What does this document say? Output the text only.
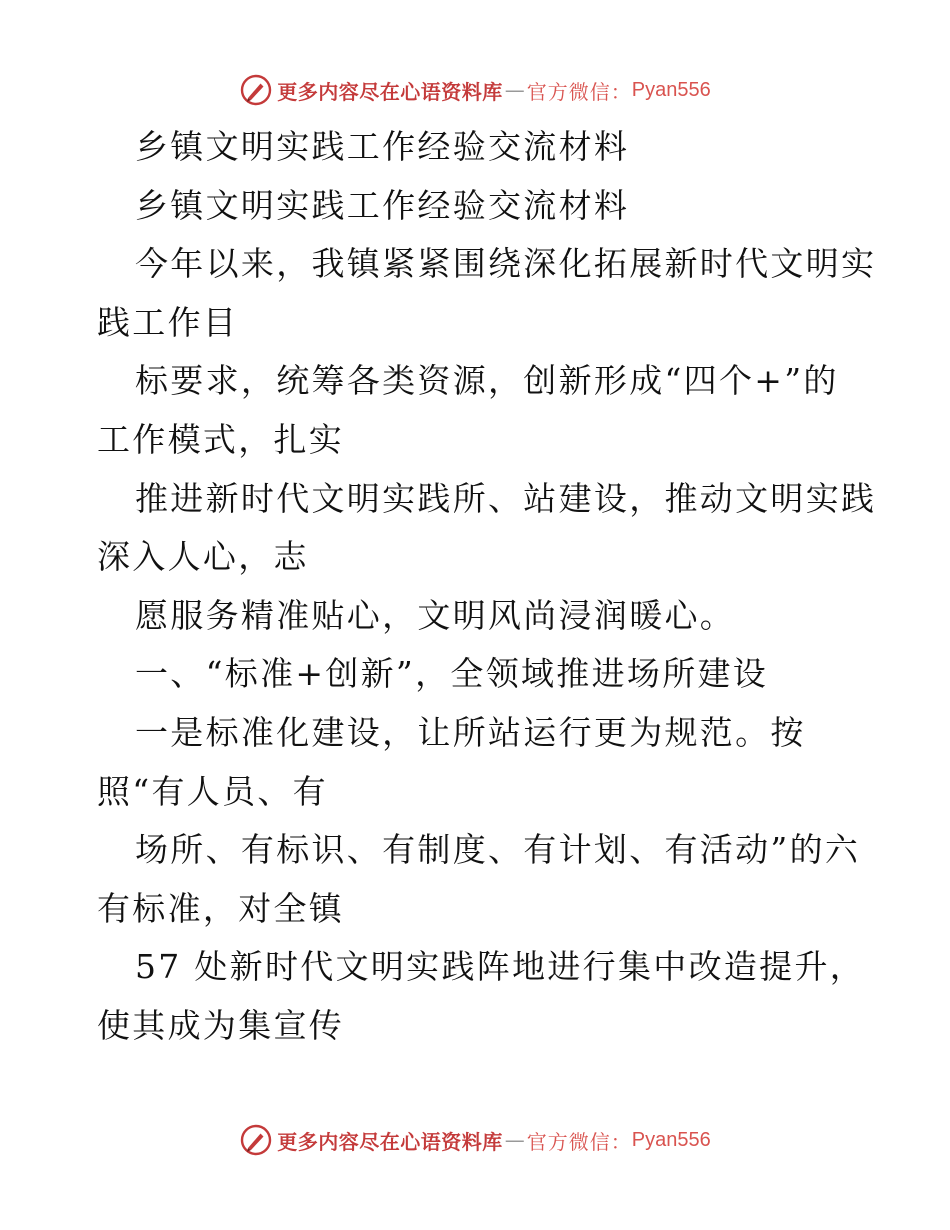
更多内容尽在心语资料库 — 官方微信： Pyan556
乡镇文明实践工作经验交流材料
乡镇文明实践工作经验交流材料
今年以来，我镇紧紧围绕深化拓展新时代文明实
践工作目
标要求，统筹各类资源，创新形成“四个+”的
工作模式，扎实
推进新时代文明实践所、站建设，推动文明实践
深入人心，志
愿服务精准贴心，文明风尚浸润暖心。
一、“标准+创新”，全领域推进场所建设
一是标准化建设，让所站运行更为规范。按
照“有人员、有
场所、有标识、有制度、有计划、有活动”的六
有标准，对全镇
57 处新时代文明实践阵地进行集中改造提升，
使其成为集宣传
更多内容尽在心语资料库 — 官方微信： Pyan556
